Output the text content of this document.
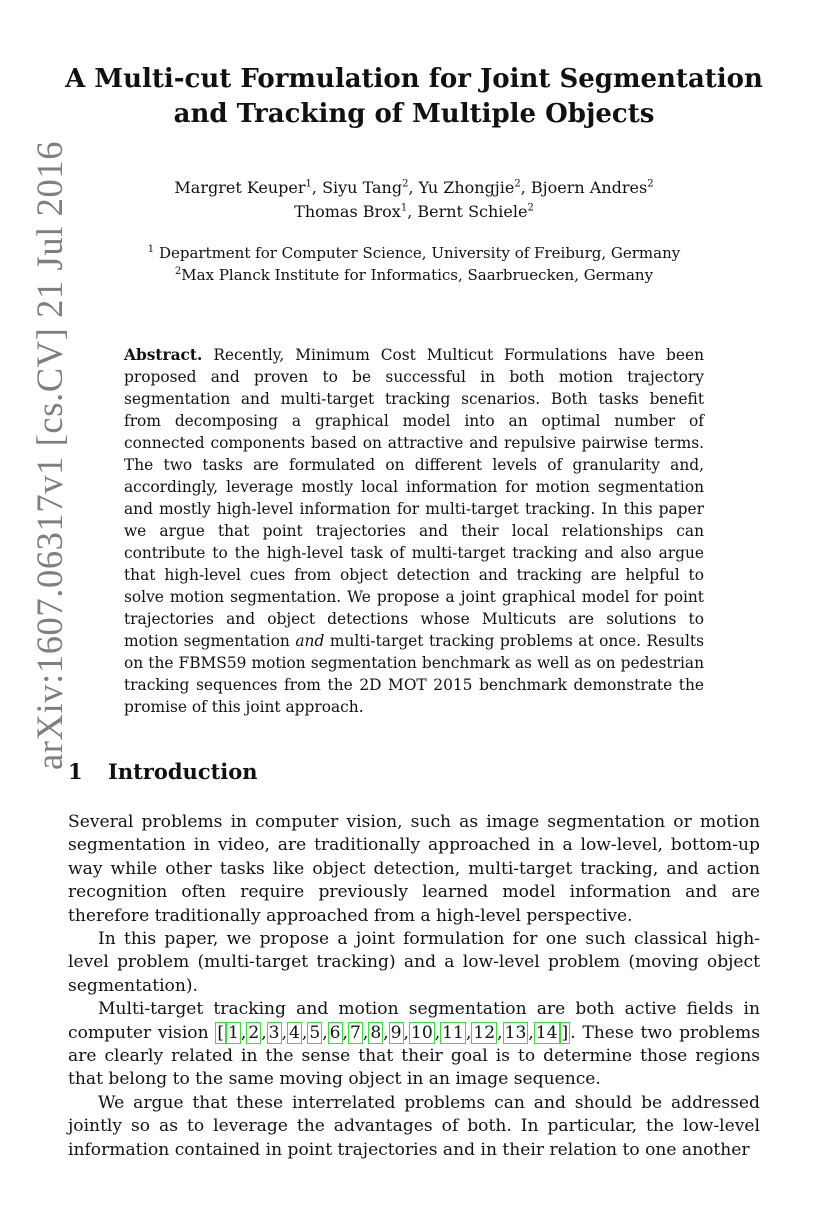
arXiv:1607.06317v1 [cs.CV] 21 Jul 2016
A Multi-cut Formulation for Joint Segmentation
and Tracking of Multiple Objects
Margret Keuper$^1$, Siyu Tang$^2$, Yu Zhongjie$^2$, Bjoern Andres$^2$
Thomas Brox$^1$, Bernt Schiele$^2$
$^1$ Department for Computer Science, University of Freiburg, Germany
$^2$Max Planck Institute for Informatics, Saarbruecken, Germany
Abstract. Recently, Minimum Cost Multicut Formulations have been proposed and proven to be successful in both motion trajectory segmentation and multi-target tracking scenarios. Both tasks benefit from decomposing a graphical model into an optimal number of connected components based on attractive and repulsive pairwise terms. The two tasks are formulated on different levels of granularity and, accordingly, leverage mostly local information for motion segmentation and mostly high-level information for multi-target tracking. In this paper we argue that point trajectories and their local relationships can contribute to the high-level task of multi-target tracking and also argue that high-level cues from object detection and tracking are helpful to solve motion segmentation. We propose a joint graphical model for point trajectories and object detections whose Multicuts are solutions to motion segmentation and multi-target tracking problems at once. Results on the FBMS59 motion segmentation benchmark as well as on pedestrian tracking sequences from the 2D MOT 2015 benchmark demonstrate the promise of this joint approach.
1 Introduction

Several problems in computer vision, such as image segmentation or motion segmentation in video, are traditionally approached in a low-level, bottom-up way while other tasks like object detection, multi-target tracking, and action recognition often require previously learned model information and are therefore traditionally approached from a high-level perspective.

In this paper, we propose a joint formulation for one such classical high-level problem (multi-target tracking) and a low-level problem (moving object segmentation).

Multi-target tracking and motion segmentation are both active fields in computer vision [ 1 , 2 , 3 , 4 , 5 , 6 , 7 , 8 , 9 , 10 , 11 , 12 , 13 , 14 ] . These two problems are clearly related in the sense that their goal is to determine those regions that belong to the same moving object in an image sequence.

We argue that these interrelated problems can and should be addressed jointly so as to leverage the advantages of both. In particular, the low-level information contained in point trajectories and in their relation to one another
